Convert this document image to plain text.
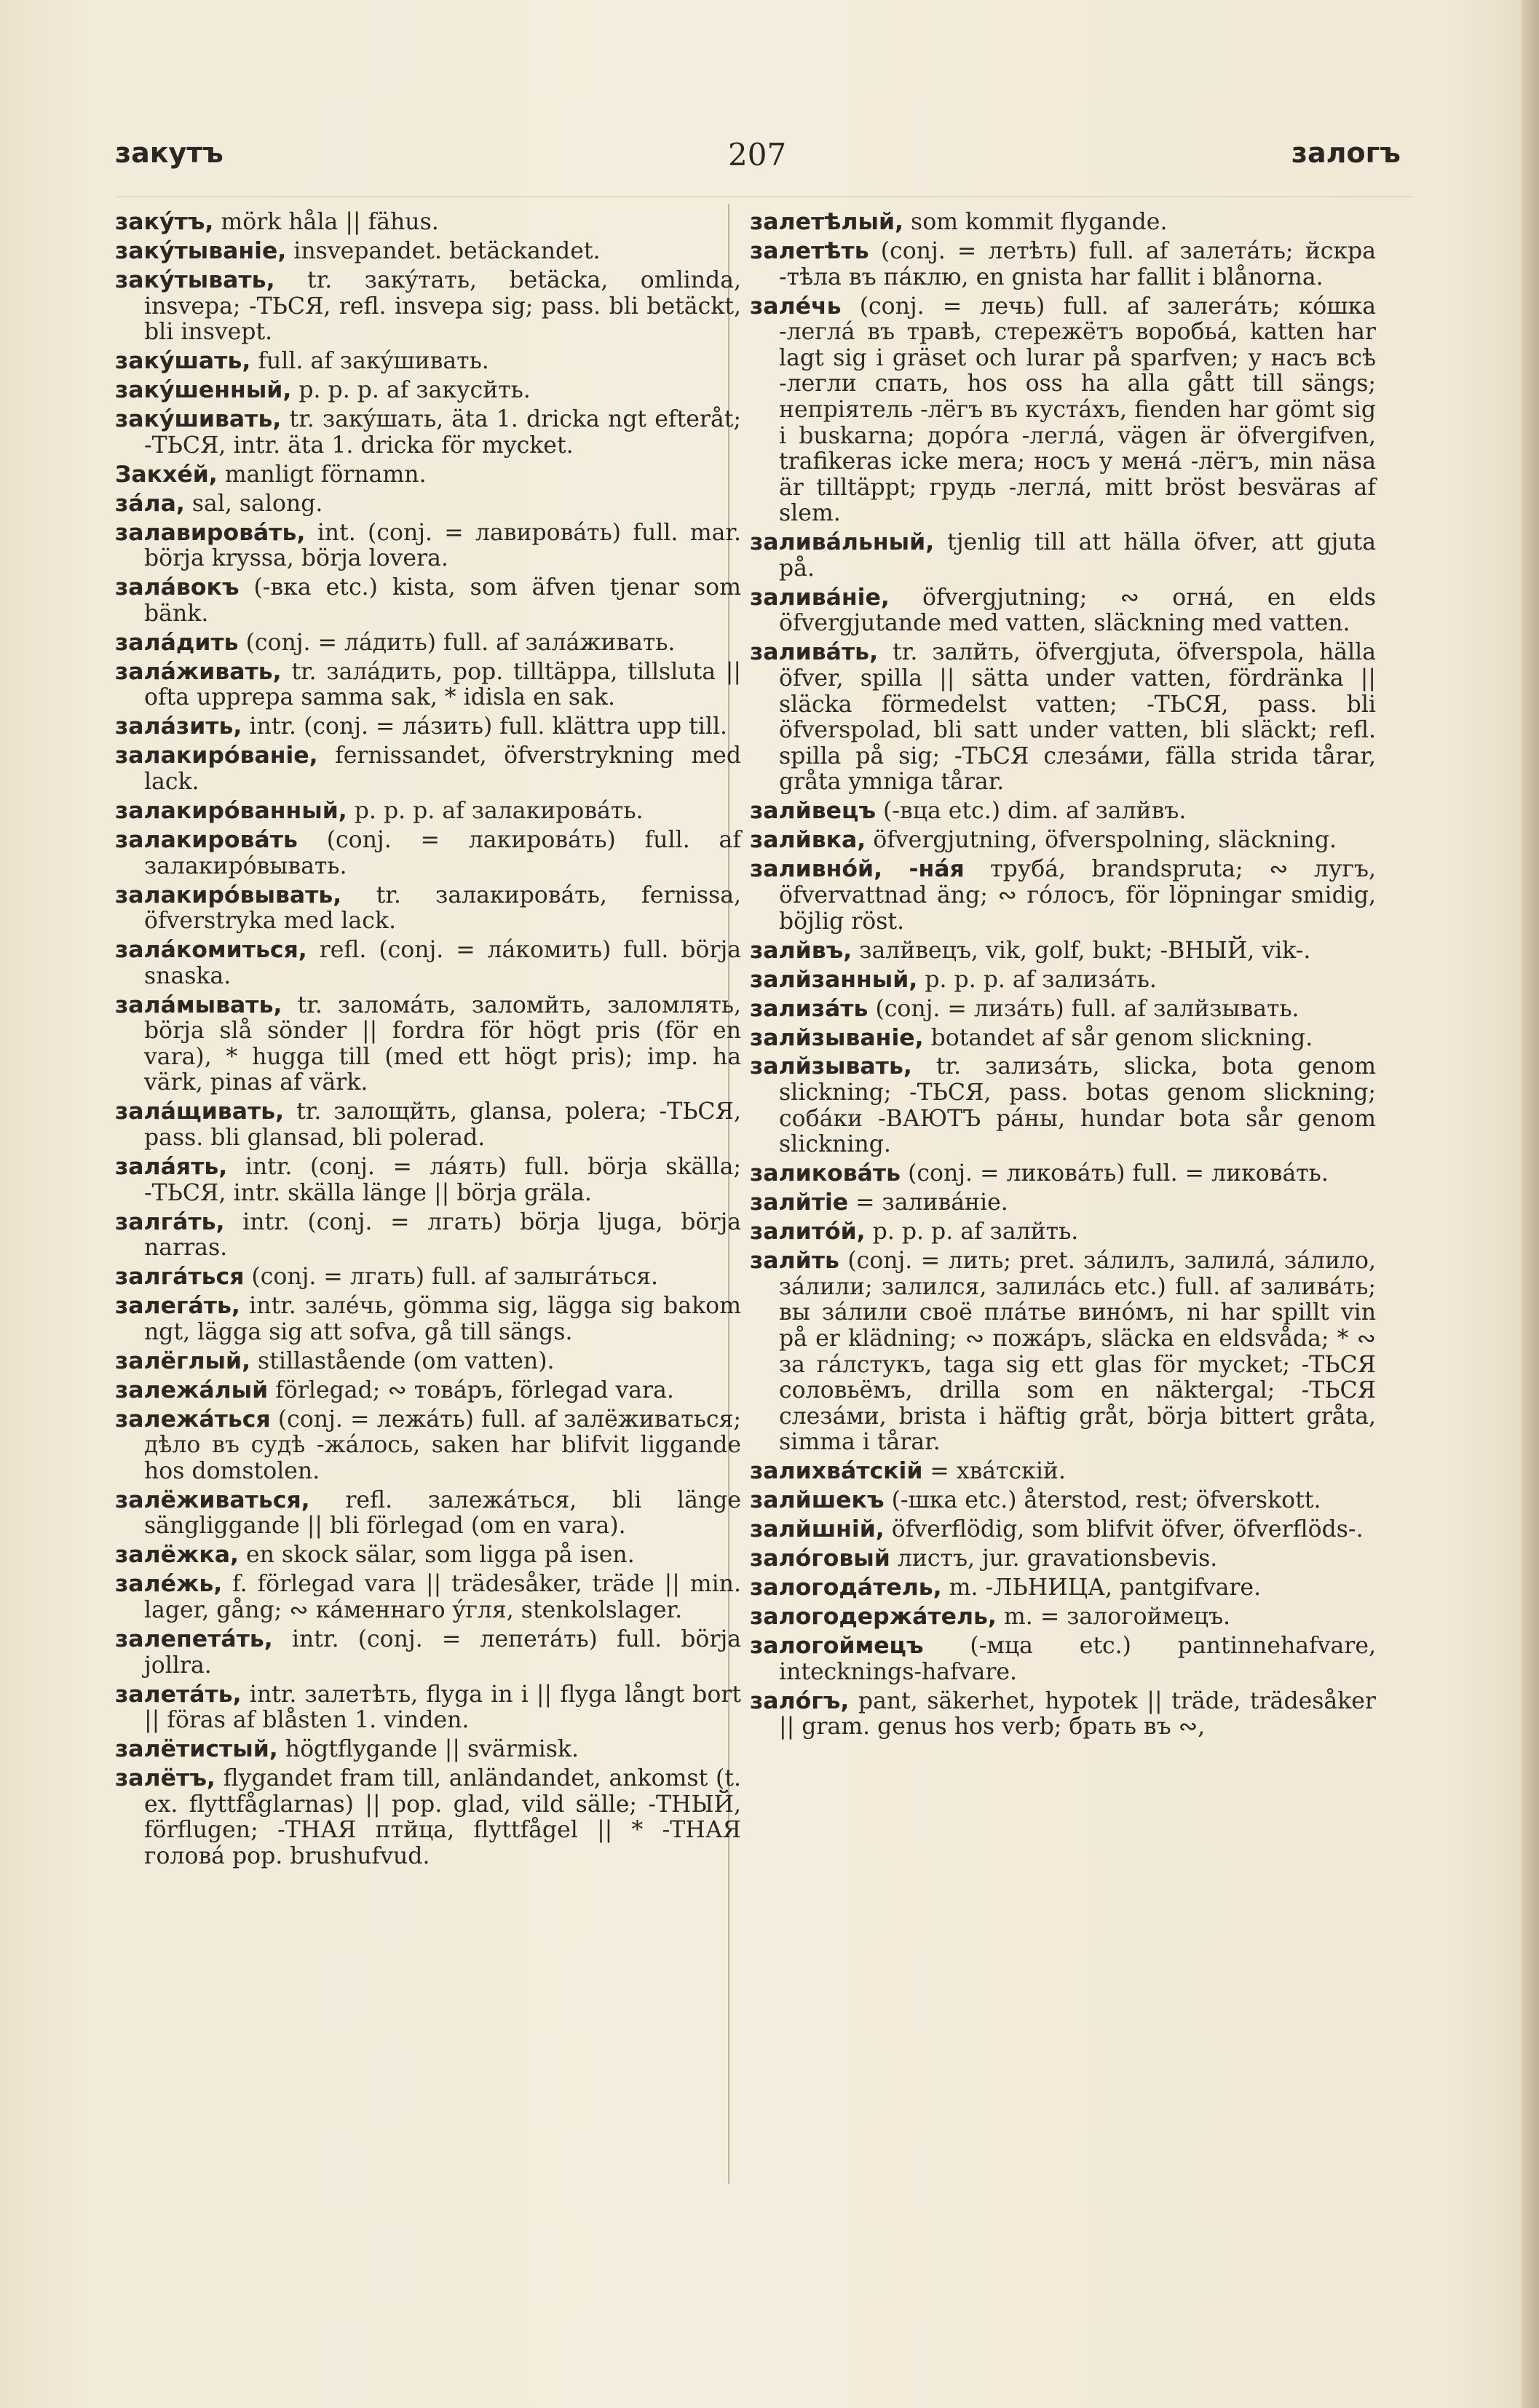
закутъ	207	залогъ

закýтъ, mörk håla || fähus.

закýтываніе, insvepandet. betäckandet.

закýтывать, tr. закýтать, betäcka, omlinda, insvepa; -ТЬСЯ, refl. insvepa sig; pass. bli betäckt, bli insvept.

закýшать, full. af закýшивать.

закýшенный, p. p. p. af закусйть.

закýшивать, tr. закýшать, äta 1. dricka ngt efteråt; -ТЬСЯ, intr. äta 1. dricka för mycket.

Закхéй, manligt förnamn.

зáла, sal, salong.

залавировáть, int. (conj. = лавировáть) full. mar. börja kryssa, börja lovera.

залáвокъ (-вка etc.) kista, som äfven tjenar som bänk.

залáдить (conj. = лáдить) full. af залáживать.

залáживать, tr. залáдить, pop. tilltäppa, tillsluta || ofta upprepa samma sak, * idisla en sak.

залáзить, intr. (conj. = лáзить) full. klättra upp till.

залакирóваніе, fernissandet, öfverstrykning med lack.

залакирóванный, p. p. p. af залакировáть.

залакировáть (conj. = лакировáть) full. af залакирóвывать.

залакирóвывать, tr. залакировáть, fernissa, öfverstryka med lack.

залáкомиться, refl. (conj. = лáкомить) full. börja snaska.

залáмывать, tr. заломáть, заломйть, заломлять, börja slå sönder || fordra för högt pris (för en vara), * hugga till (med ett högt pris); imp. ha värk, pinas af värk.

залáщивать, tr. залощйть, glansa, polera; -ТЬСЯ, pass. bli glansad, bli polerad.

залáять, intr. (conj. = лáять) full. börja skälla; -ТЬСЯ, intr. skälla länge || börja gräla.

залгáть, intr. (conj. = лгать) börja ljuga, börja narras.

залгáться (conj. = лгать) full. af залыгáться.

залегáть, intr. залéчь, gömma sig, lägga sig bakom ngt, lägga sig att sofva, gå till sängs.

залёглый, stillastående (om vatten).

залежáлый förlegad; ∾ товáръ, förlegad vara.

залежáться (conj. = лежáть) full. af залёживаться; дѣло въ судѣ -жáлось, saken har blifvit liggande hos domstolen.

залёживаться, refl. залежáться, bli länge sängliggande || bli förlegad (om en vara).

залёжка, en skock sälar, som ligga på isen.

залéжь, f. förlegad vara || trädesåker, träde || min. lager, gång; ∾ кáменнаго ýгля, stenkolslager.

залепетáть, intr. (conj. = лепетáть) full. börja jollra.

залетáть, intr. залетѣть, flyga in i || flyga långt bort || föras af blåsten 1. vinden.

залётистый, högtflygande || svärmisk.

залётъ, flygandet fram till, anländandet, ankomst (t. ex. flyttfåglarnas) || pop. glad, vild sälle; -ТНЫЙ, förflugen; -ТНАЯ птйца, flyttfågel || * -ТНАЯ головá pop. brushufvud.

залетѣлый, som kommit flygande.

залетѣть (conj. = летѣть) full. af залетáть; йскра -тѣла въ пáклю, en gnista har fallit i blånorna.

залéчь (conj. = лечь) full. af залегáть; кóшка -леглá въ травѣ, стережётъ воробьá, katten har lagt sig i gräset och lurar på sparfven; у насъ всѣ -легли спать, hos oss ha alla gått till sängs; непріятель -лёгъ въ кустáхъ, fienden har gömt sig i buskarna; дорóга -леглá, vägen är öfvergifven, trafikeras icke mera; носъ у менá -лёгъ, min näsa är tilltäppt; грудь -леглá, mitt bröst besväras af slem.

заливáльный, tjenlig till att hälla öfver, att gjuta på.

заливáніе, öfvergjutning; ∾ огнá, en elds öfvergjutande med vatten, släckning med vatten.

заливáть, tr. залйть, öfvergjuta, öfverspola, hälla öfver, spilla || sätta under vatten, fördränka || släcka förmedelst vatten; -ТЬСЯ, pass. bli öfverspolad, bli satt under vatten, bli släckt; refl. spilla på sig; -ТЬСЯ слезáми, fälla strida tårar, gråta ymniga tårar.

залйвецъ (-вца etc.) dim. af залйвъ.

залйвка, öfvergjutning, öfverspolning, släckning.

заливнóй, -нáя трубá, brandspruta; ∾ лугъ, öfvervattnad äng; ∾ гóлосъ, för löpningar smidig, böjlig röst.

залйвъ, залйвецъ, vik, golf, bukt; -ВНЫЙ, vik-.

залйзанный, p. p. p. af зализáть.

зализáть (conj. = лизáть) full. af залйзывать.

залйзываніе, botandet af sår genom slickning.

залйзывать, tr. зализáть, slicka, bota genom slickning; -ТЬСЯ, pass. botas genom slickning; собáки -ВАЮТЪ рáны, hundar bota sår genom slickning.

заликовáть (conj. = ликовáть) full. = ликовáть.

залйтіе = заливáніе.

залитóй, p. p. p. af залйть.

залйть (conj. = лить; pret. зáлилъ, залилá, зáлило, зáлили; залился, залилáсь etc.) full. af заливáть; вы зáлили своё плáтье винóмъ, ni har spillt vin på er klädning; ∾ пожáръ, släcka en eldsvåda; * ∾ за гáлстукъ, taga sig ett glas för mycket; -ТЬСЯ соловьёмъ, drilla som en näktergal; -ТЬСЯ слезáми, brista i häftig gråt, börja bittert gråta, simma i tårar.

залихвáтскій = хвáтскій.

залйшекъ (-шка etc.) återstod, rest; öfverskott.

залйшній, öfverflödig, som blifvit öfver, öfverflöds-.

залóговый листъ, jur. gravationsbevis.

залогодáтель, m. -ЛЬНИЦА, pantgifvare.

залогодержáтель, m. = залогоймецъ.

залогоймецъ (-мца etc.) pantinnehafvare, intecknings-hafvare.

залóгъ, pant, säkerhet, hypotek || träde, trädesåker || gram. genus hos verb; брать въ ∾,
